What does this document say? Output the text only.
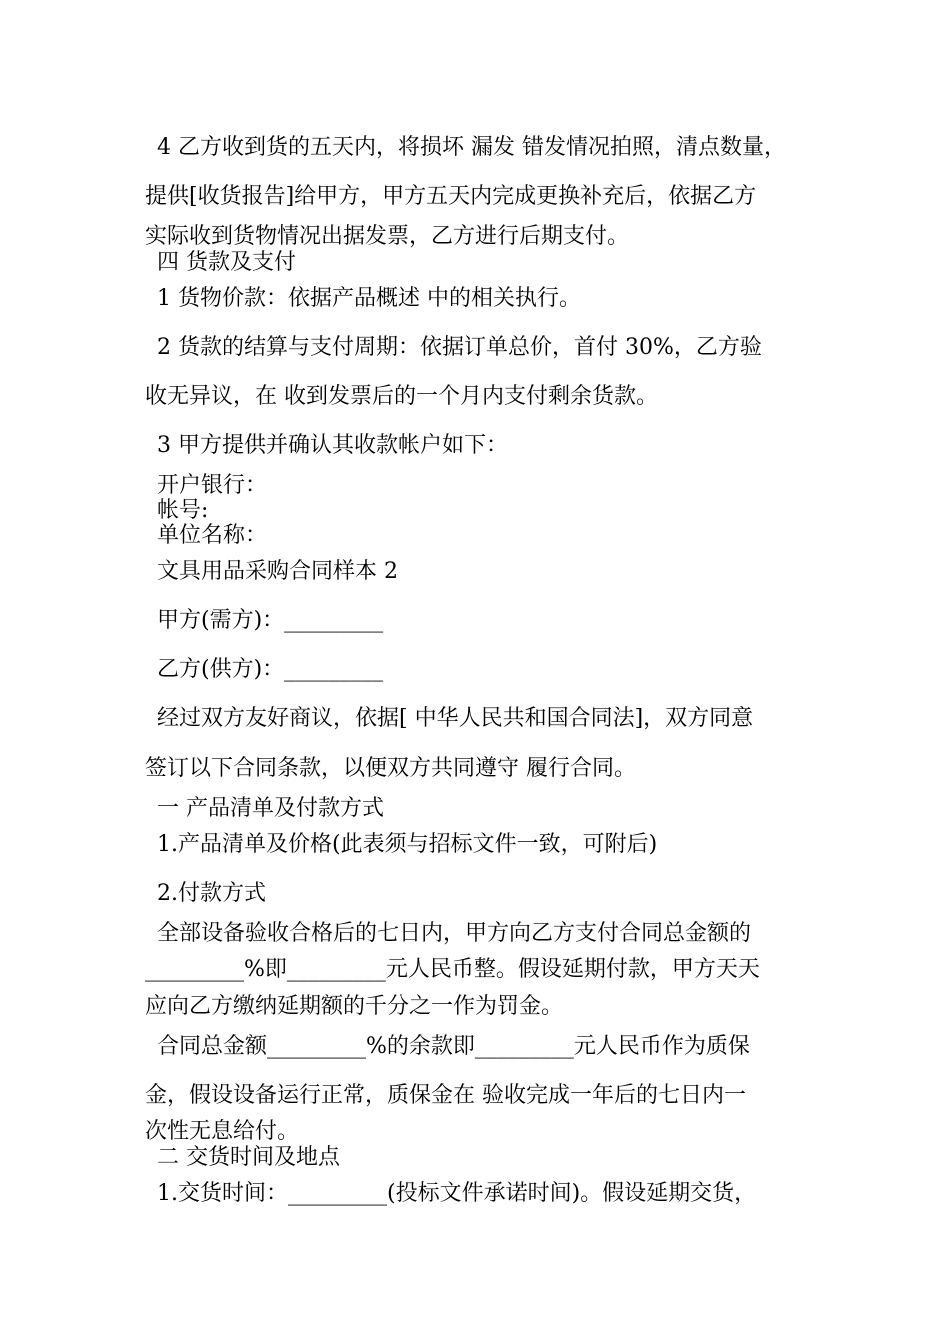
4 乙方收到货的五天内，将损坏 漏发 错发情况拍照，清点数量，
提供[收货报告]给甲方，甲方五天内完成更换补充后，依据乙方
实际收到货物情况出据发票，乙方进行后期支付。
四 货款及支付
1 货物价款：依据产品概述 中的相关执行。
2 货款的结算与支付周期：依据订单总价，首付 30%，乙方验
收无异议，在 收到发票后的一个月内支付剩余货款。
3 甲方提供并确认其收款帐户如下：
开户银行：
帐号:
单位名称：
文具用品采购合同样本 2
甲方(需方)：_________
乙方(供方)：_________
经过双方友好商议，依据[ 中华人民共和国合同法]，双方同意
签订以下合同条款，以便双方共同遵守 履行合同。
一 产品清单及付款方式
1.产品清单及价格(此表须与招标文件一致，可附后)
2.付款方式
全部设备验收合格后的七日内，甲方向乙方支付合同总金额的
_________%即_________元人民币整。假设延期付款，甲方天天
应向乙方缴纳延期额的千分之一作为罚金。
合同总金额_________%的余款即_________元人民币作为质保
金，假设设备运行正常，质保金在 验收完成一年后的七日内一
次性无息给付。
二 交货时间及地点
1.交货时间：_________(投标文件承诺时间)。假设延期交货，
